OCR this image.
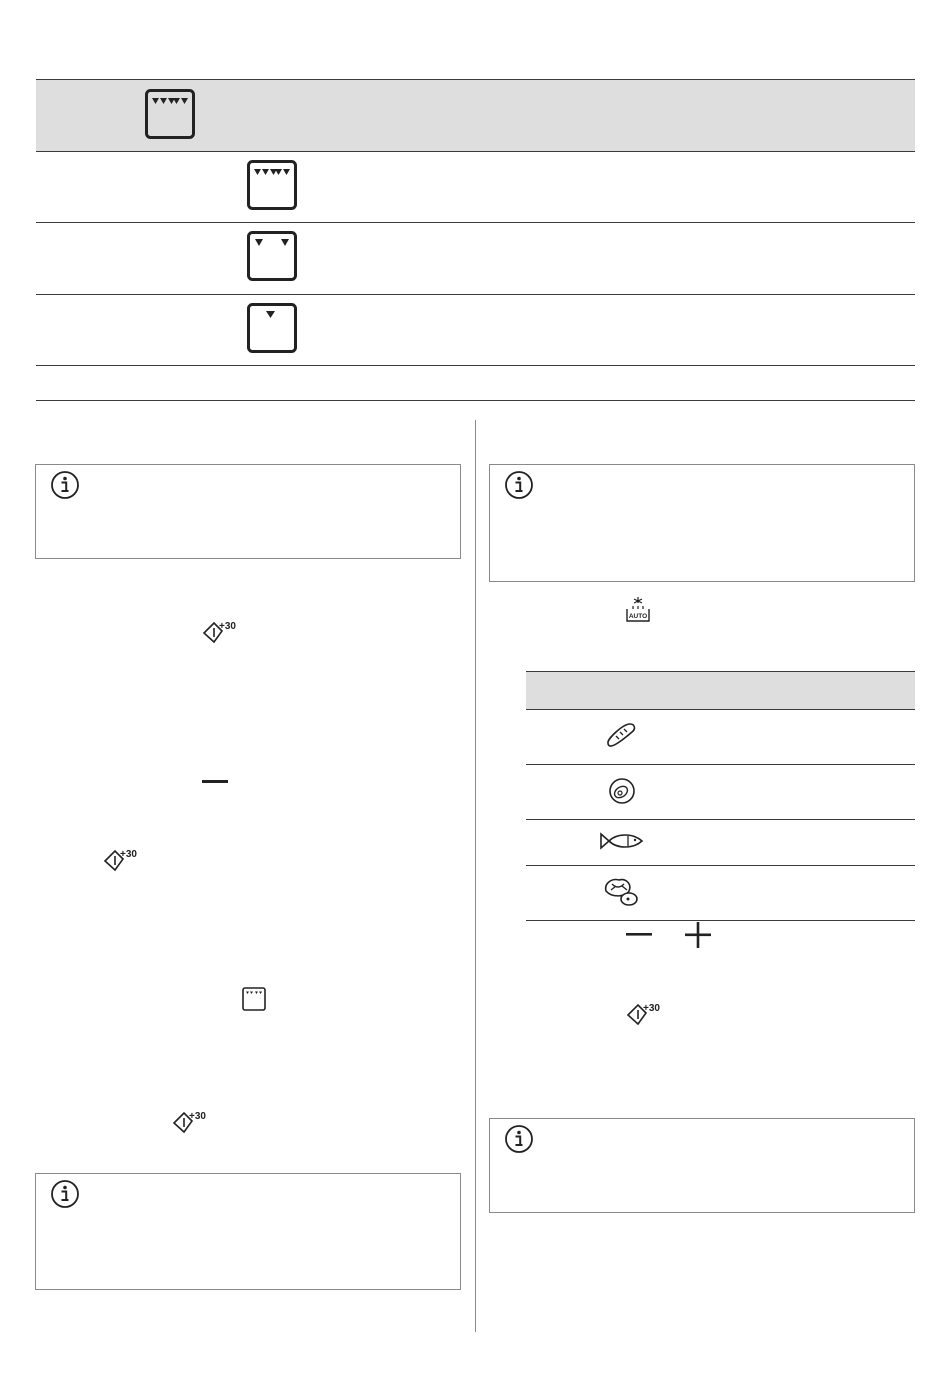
+30
+30
+30
AUTO
+30
